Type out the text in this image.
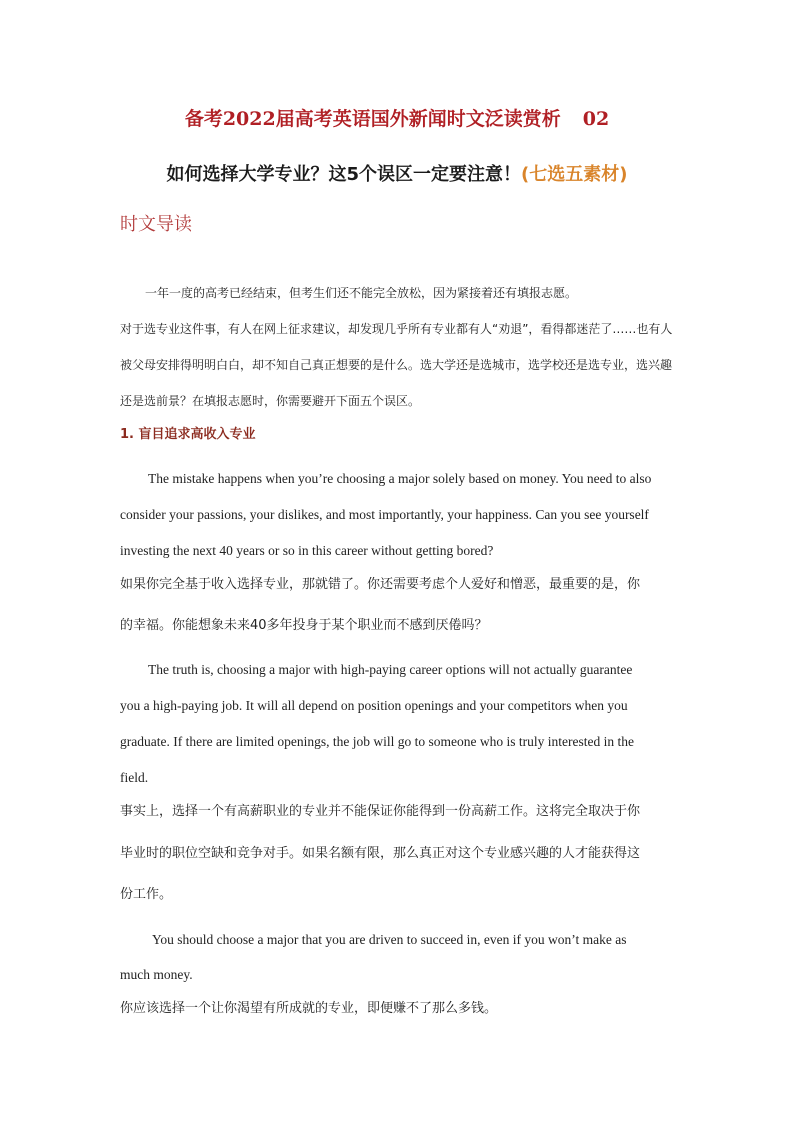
备考2022届高考英语国外新闻时文泛读赏析 02
如何选择大学专业？这5个误区一定要注意！(七选五素材)
时文导读
一年一度的高考已经结束，但考生们还不能完全放松，因为紧接着还有填报志愿。
对于选专业这件事，有人在网上征求建议，却发现几乎所有专业都有人“劝退”，看得都迷茫了……也有人
被父母安排得明明白白，却不知自己真正想要的是什么。选大学还是选城市，选学校还是选专业，选兴趣
还是选前景？在填报志愿时，你需要避开下面五个误区。
1. 盲目追求高收入专业
The mistake happens when you’re choosing a major solely based on money. You need to also
consider your passions, your dislikes, and most importantly, your happiness. Can you see yourself
investing the next 40 years or so in this career without getting bored?
如果你完全基于收入选择专业，那就错了。你还需要考虑个人爱好和憎恶，最重要的是，你
的幸福。你能想象未来40多年投身于某个职业而不感到厌倦吗？
The truth is, choosing a major with high-paying career options will not actually guarantee
you a high-paying job. It will all depend on position openings and your competitors when you
graduate. If there are limited openings, the job will go to someone who is truly interested in the
field.
事实上，选择一个有高薪职业的专业并不能保证你能得到一份高薪工作。这将完全取决于你
毕业时的职位空缺和竞争对手。如果名额有限，那么真正对这个专业感兴趣的人才能获得这
份工作。
You should choose a major that you are driven to succeed in, even if you won’t make as
much money.
你应该选择一个让你渴望有所成就的专业，即便赚不了那么多钱。
